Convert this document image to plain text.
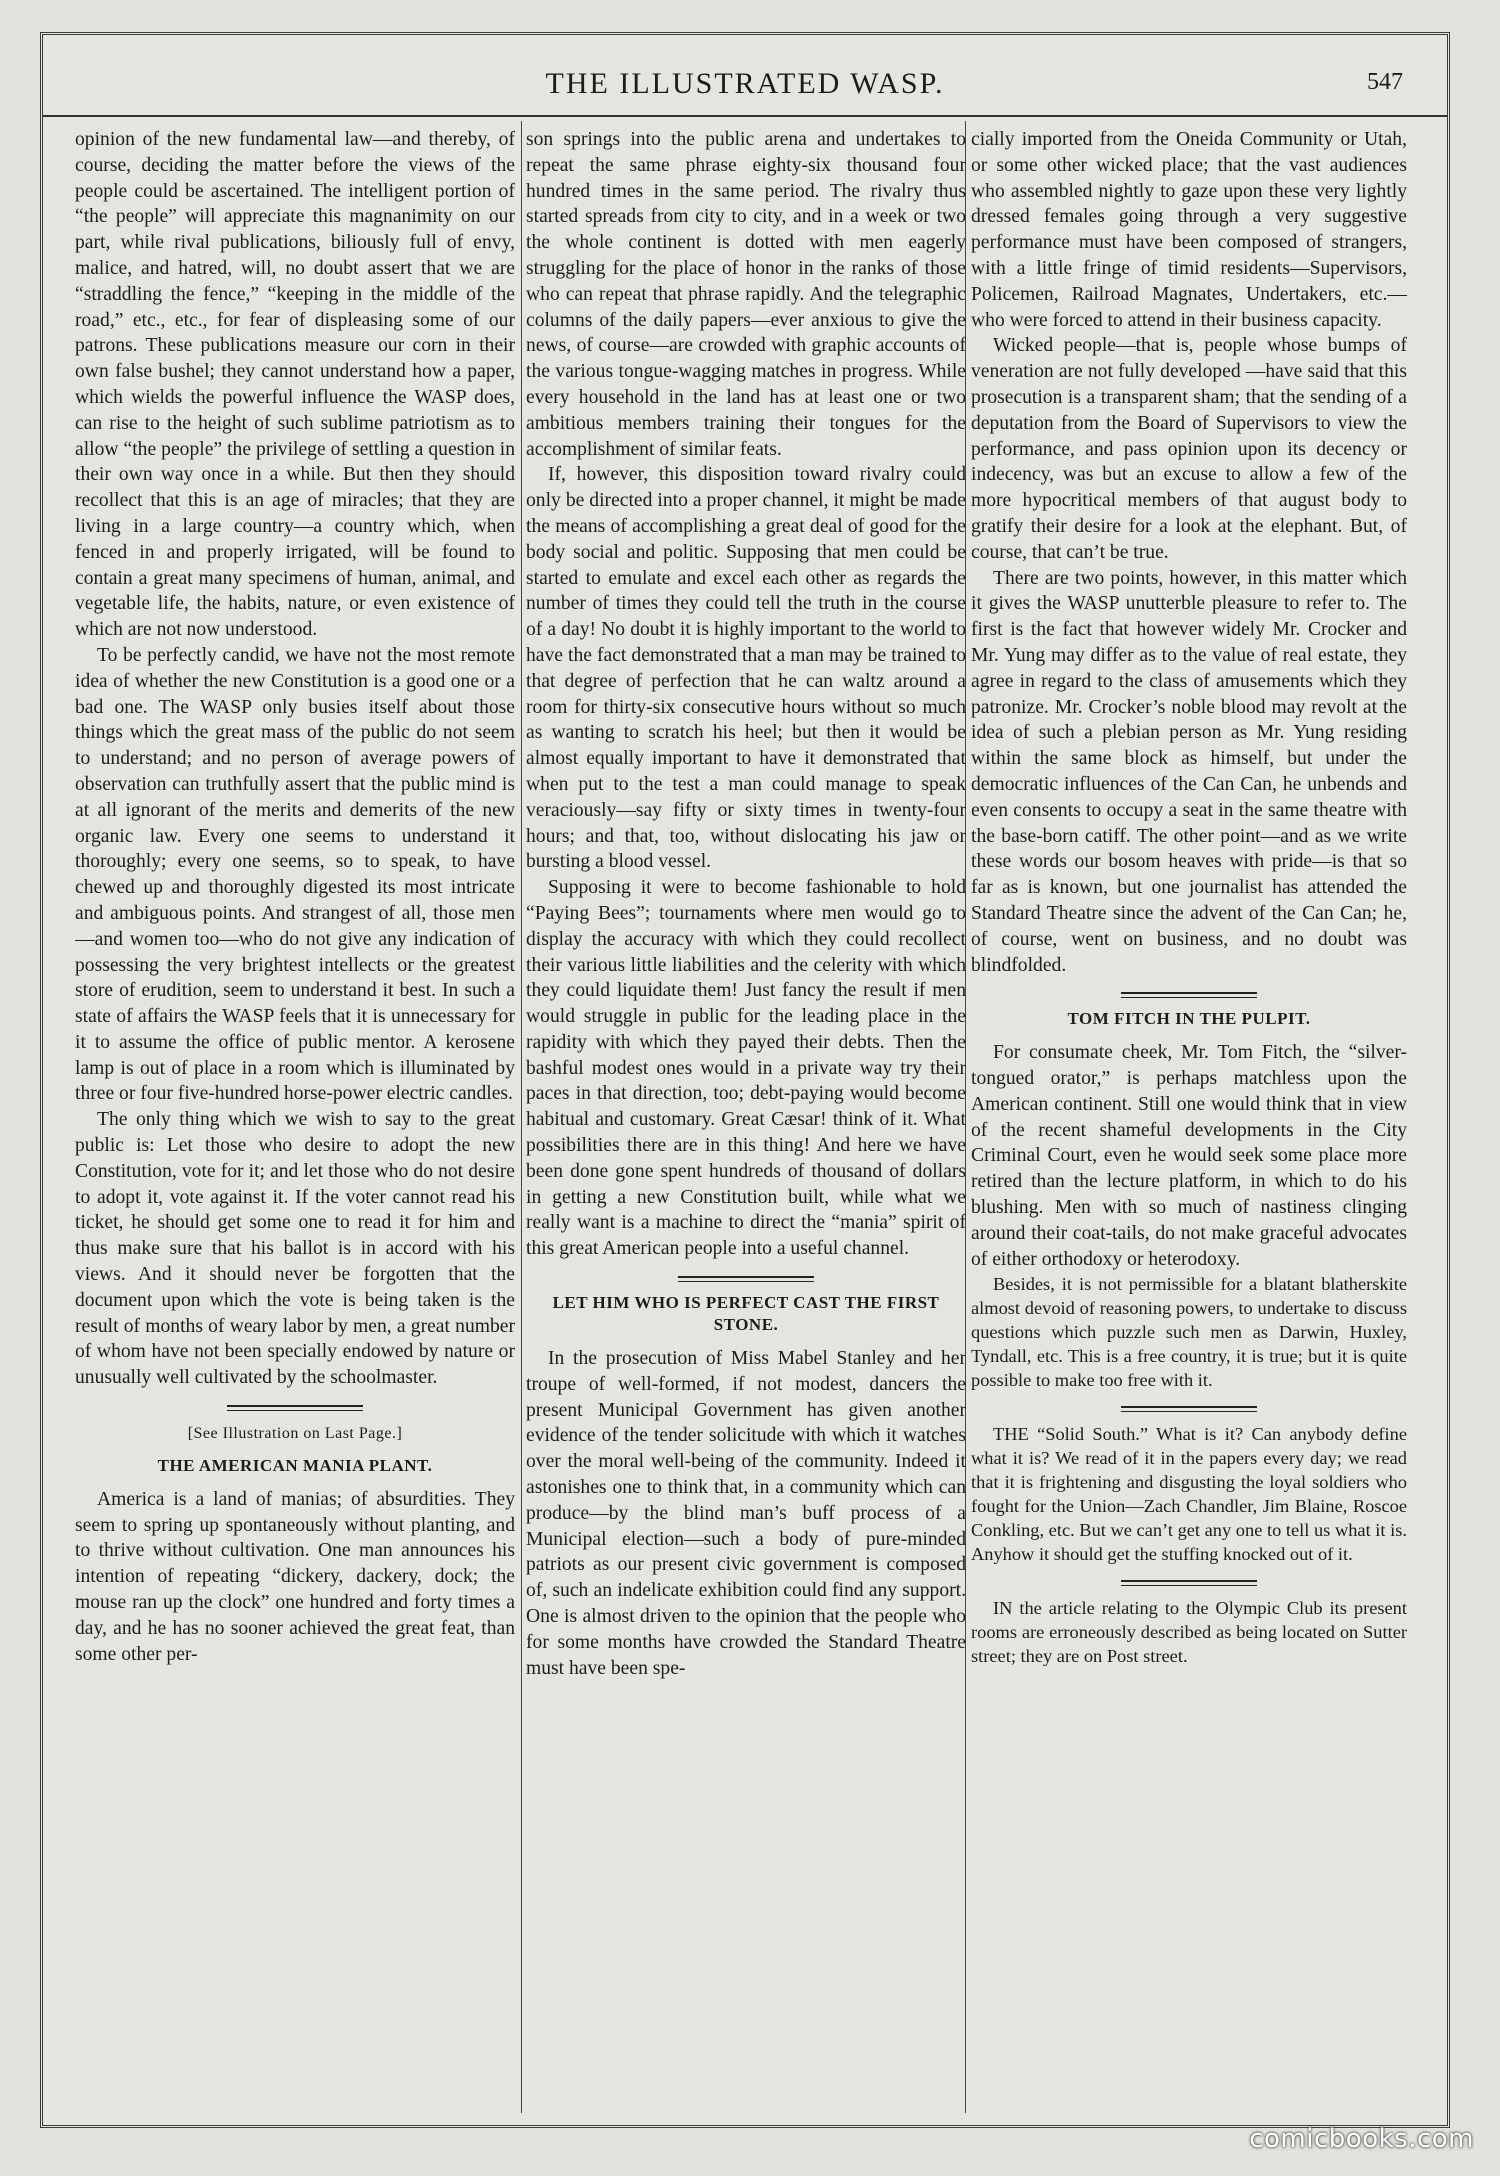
THE ILLUSTRATED WASP.	547

opinion of the new fundamental law—and thereby, of course, deciding the matter before the views of the people could be ascertained. The intelligent portion of “the people” will appreciate this magnanimity on our part, while rival publications, biliously full of envy, malice, and hatred, will, no doubt assert that we are “straddling the fence,” “keeping in the middle of the road,” etc., etc., for fear of displeasing some of our patrons. These publications measure our corn in their own false bushel; they cannot understand how a paper, which wields the powerful influence the WASP does, can rise to the height of such sublime patriotism as to allow “the people” the privilege of settling a question in their own way once in a while. But then they should recollect that this is an age of miracles; that they are living in a large country—a country which, when fenced in and properly irrigated, will be found to contain a great many specimens of human, animal, and vegetable life, the habits, nature, or even existence of which are not now understood.

To be perfectly candid, we have not the most remote idea of whether the new Constitution is a good one or a bad one. The WASP only busies itself about those things which the great mass of the public do not seem to understand; and no person of average powers of observation can truthfully assert that the public mind is at all ignorant of the merits and demerits of the new organic law. Every one seems to understand it thoroughly; every one seems, so to speak, to have chewed up and thoroughly digested its most intricate and ambiguous points. And strangest of all, those men—and women too—who do not give any indication of possessing the very brightest intellects or the greatest store of erudition, seem to understand it best. In such a state of affairs the WASP feels that it is unnecessary for it to assume the office of public mentor. A kerosene lamp is out of place in a room which is illuminated by three or four five-hundred horse-power electric candles.

The only thing which we wish to say to the great public is: Let those who desire to adopt the new Constitution, vote for it; and let those who do not desire to adopt it, vote against it. If the voter cannot read his ticket, he should get some one to read it for him and thus make sure that his ballot is in accord with his views. And it should never be forgotten that the document upon which the vote is being taken is the result of months of weary labor by men, a great number of whom have not been specially endowed by nature or unusually well cultivated by the schoolmaster.

[See Illustration on Last Page.]
THE AMERICAN MANIA PLANT.

America is a land of manias; of absurdities. They seem to spring up spontaneously without planting, and to thrive without cultivation. One man announces his intention of repeating “dickery, dackery, dock; the mouse ran up the clock” one hundred and forty times a day, and he has no sooner achieved the great feat, than some other per-

son springs into the public arena and undertakes to repeat the same phrase eighty-six thousand four hundred times in the same period. The rivalry thus started spreads from city to city, and in a week or two the whole continent is dotted with men eagerly struggling for the place of honor in the ranks of those who can repeat that phrase rapidly. And the telegraphic columns of the daily papers—ever anxious to give the news, of course—are crowded with graphic accounts of the various tongue-wagging matches in progress. While every household in the land has at least one or two ambitious members training their tongues for the accomplishment of similar feats.

If, however, this disposition toward rivalry could only be directed into a proper channel, it might be made the means of accomplishing a great deal of good for the body social and politic. Supposing that men could be started to emulate and excel each other as regards the number of times they could tell the truth in the course of a day! No doubt it is highly important to the world to have the fact demonstrated that a man may be trained to that degree of perfection that he can waltz around a room for thirty-six consecutive hours without so much as wanting to scratch his heel; but then it would be almost equally important to have it demonstrated that when put to the test a man could manage to speak veraciously—say fifty or sixty times in twenty-four hours; and that, too, without dislocating his jaw or bursting a blood vessel.

Supposing it were to become fashionable to hold “Paying Bees”; tournaments where men would go to display the accuracy with which they could recollect their various little liabilities and the celerity with which they could liquidate them! Just fancy the result if men would struggle in public for the leading place in the rapidity with which they payed their debts. Then the bashful modest ones would in a private way try their paces in that direction, too; debt-paying would become habitual and customary. Great Cæsar! think of it. What possibilities there are in this thing! And here we have been done gone spent hundreds of thousand of dollars in getting a new Constitution built, while what we really want is a machine to direct the “mania” spirit of this great American people into a useful channel.

LET HIM WHO IS PERFECT CAST THE FIRST STONE.

In the prosecution of Miss Mabel Stanley and her troupe of well-formed, if not modest, dancers the present Municipal Government has given another evidence of the tender solicitude with which it watches over the moral well-being of the community. Indeed it astonishes one to think that, in a community which can produce—by the blind man’s buff process of a Municipal election—such a body of pure-minded patriots as our present civic government is composed of, such an indelicate exhibition could find any support. One is almost driven to the opinion that the people who for some months have crowded the Standard Theatre must have been spe-

cially imported from the Oneida Community or Utah, or some other wicked place; that the vast audiences who assembled nightly to gaze upon these very lightly dressed females going through a very suggestive performance must have been composed of strangers, with a little fringe of timid residents—Supervisors, Policemen, Railroad Magnates, Undertakers, etc.—who were forced to attend in their business capacity.

Wicked people—that is, people whose bumps of veneration are not fully developed —have said that this prosecution is a transparent sham; that the sending of a deputation from the Board of Supervisors to view the performance, and pass opinion upon its decency or indecency, was but an excuse to allow a few of the more hypocritical members of that august body to gratify their desire for a look at the elephant. But, of course, that can’t be true.

There are two points, however, in this matter which it gives the WASP unutterble pleasure to refer to. The first is the fact that however widely Mr. Crocker and Mr. Yung may differ as to the value of real estate, they agree in regard to the class of amusements which they patronize. Mr. Crocker’s noble blood may revolt at the idea of such a plebian person as Mr. Yung residing within the same block as himself, but under the democratic influences of the Can Can, he unbends and even consents to occupy a seat in the same theatre with the base-born catiff. The other point—and as we write these words our bosom heaves with pride—is that so far as is known, but one journalist has attended the Standard Theatre since the advent of the Can Can; he, of course, went on business, and no doubt was blindfolded.

TOM FITCH IN THE PULPIT.

For consumate cheek, Mr. Tom Fitch, the “silver-tongued orator,” is perhaps matchless upon the American continent. Still one would think that in view of the recent shameful developments in the City Criminal Court, even he would seek some place more retired than the lecture platform, in which to do his blushing. Men with so much of nastiness clinging around their coat-tails, do not make graceful advocates of either orthodoxy or heterodoxy.

Besides, it is not permissible for a blatant blatherskite almost devoid of reasoning powers, to undertake to discuss questions which puzzle such men as Darwin, Huxley, Tyndall, etc. This is a free country, it is true; but it is quite possible to make too free with it.

THE “Solid South.” What is it? Can anybody define what it is? We read of it in the papers every day; we read that it is frightening and disgusting the loyal soldiers who fought for the Union—Zach Chandler, Jim Blaine, Roscoe Conkling, etc. But we can’t get any one to tell us what it is. Anyhow it should get the stuffing knocked out of it.

IN the article relating to the Olympic Club its present rooms are erroneously described as being located on Sutter street; they are on Post street.

comicbooks.com
